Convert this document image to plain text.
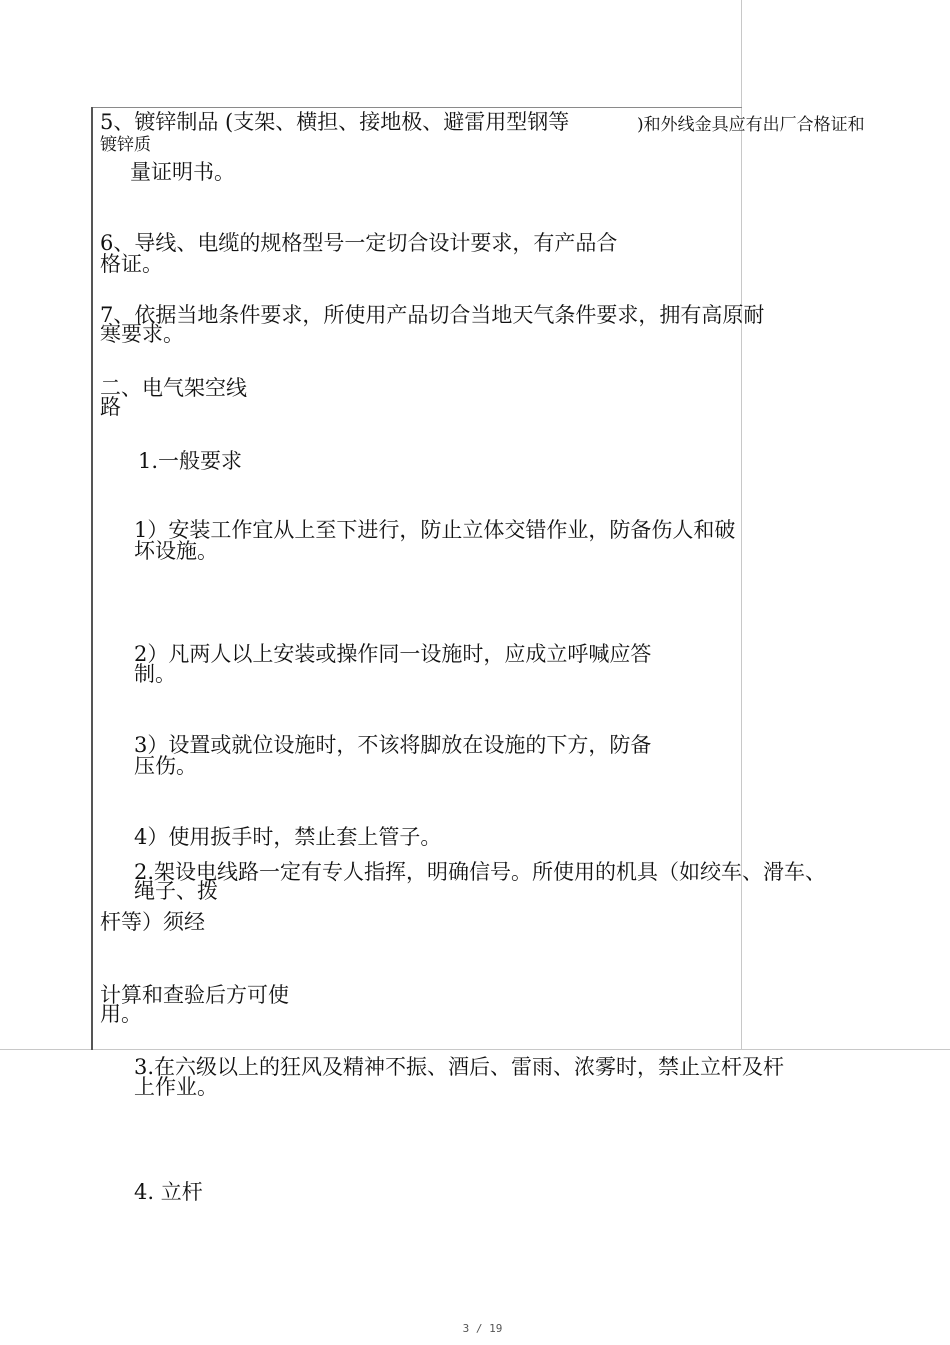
5、镀锌制品 (支架、横担、接地极、避雷用型钢等	)和外线金具应有出厂合格证和

镀锌质

量证明书。

6、导线、电缆的规格型号一定切合设计要求，有产品合

格证。

7、依据当地条件要求，所使用产品切合当地天气条件要求，拥有高原耐

寒要求。

二、电气架空线

路

1.一般要求

1）安装工作宜从上至下进行，防止立体交错作业，防备伤人和破

坏设施。

2）凡两人以上安装或操作同一设施时，应成立呼喊应答

制。

3）设置或就位设施时，不该将脚放在设施的下方，防备

压伤。

4）使用扳手时，禁止套上管子。

2.架设电线路一定有专人指挥，明确信号。所使用的机具（如绞车、滑车、

绳子、拨

杆等）须经

计算和查验后方可使

用。

3.在六级以上的狂风及精神不振、酒后、雷雨、浓雾时，禁止立杆及杆

上作业。

4. 立杆

3 / 19
